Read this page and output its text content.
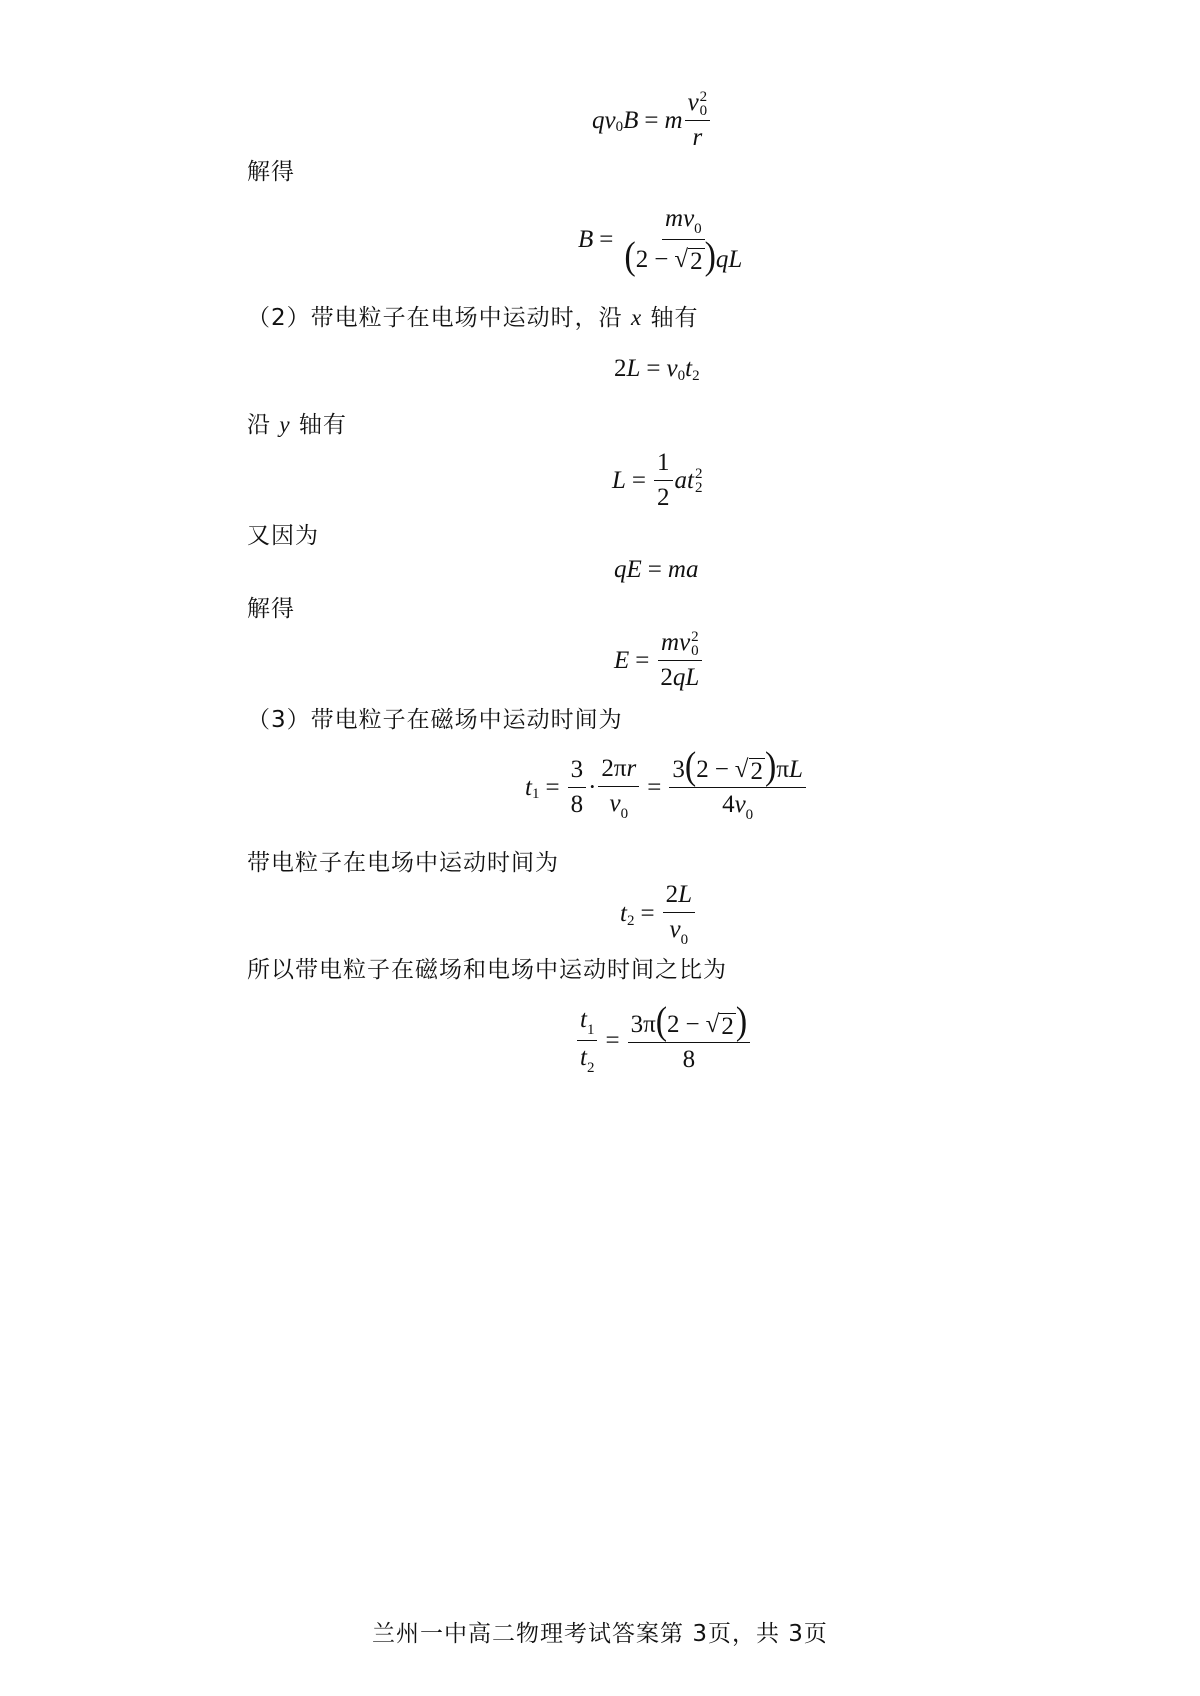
q v 0 B = m v 2
0
r
解得
$B = \frac{mv_0}{(2 - √ 2 )qL}$
（2）带电粒子在电场中运动时，沿 x 轴有
2 L = v 0 t 2
沿 y 轴有
$L = \frac{1}{2}$ a t 2
2
又因为
q E = m a
解得
E = mv 2
0
2qL
（3）带电粒子在磁场中运动时间为
t $1 = \frac{3}{8} \cdot \frac{2\pi r}{v_0} = \frac{3(2 - √ 2 )\pi L}{4v_0}$
带电粒子在电场中运动时间为
t $2 = \frac{2L}{v_0}$
所以带电粒子在磁场和电场中运动时间之比为
$\frac{t_1}{t_2} = \frac{3\pi(2 - √ 2 )}{8}$
兰州一中高二物理考试答案第 3页，共 3页
